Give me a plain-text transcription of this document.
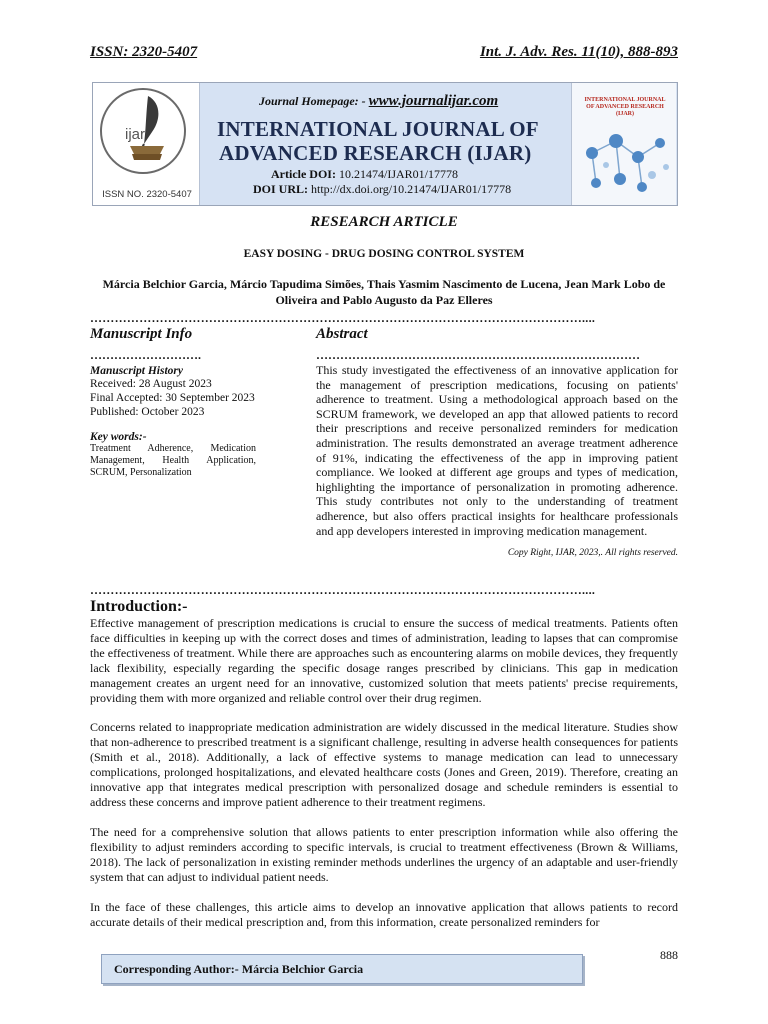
ISSN: 2320-5407	Int. J. Adv. Res. 11(10), 888-893
ijar
ISSN NO. 2320-5407
Journal Homepage: - www.journalijar.com
INTERNATIONAL JOURNAL OF
ADVANCED RESEARCH (IJAR)
Article DOI: 10.21474/IJAR01/17778
DOI URL: http://dx.doi.org/10.21474/IJAR01/17778
INTERNATIONAL JOURNAL OF ADVANCED RESEARCH (IJAR)
RESEARCH ARTICLE
EASY DOSING - DRUG DOSING CONTROL SYSTEM
Márcia Belchior Garcia, Márcio Tapudima Simões, Thais Yasmim Nascimento de Lucena, Jean Mark Lobo de Oliveira and Pablo Augusto da Paz Elleres
…………………………………………………………………………………………………………....
Manuscript Info
……………………….
Manuscript History
Received: 28 August 2023
Final Accepted: 30 September 2023
Published: October 2023
Key words:-
Treatment Adherence, Medication Management, Health Application, SCRUM, Personalization
Abstract
………………………………………………………………………
This study investigated the effectiveness of an innovative application for the management of prescription medications, focusing on patients' adherence to treatment. Using a methodological approach based on the SCRUM framework, we developed an app that allowed patients to record their prescriptions and receive personalized reminders for medication administration. The results demonstrated an average treatment adherence of 91%, indicating the effectiveness of the app in improving patient compliance. We looked at different age groups and types of medication, highlighting the importance of personalization in promoting adherence. This study contributes not only to the understanding of treatment adherence, but also offers practical insights for healthcare professionals and app developers interested in improving medication management.
Copy Right, IJAR, 2023,. All rights reserved.
…………………………………………………………………………………………………………....
Introduction:-
Effective management of prescription medications is crucial to ensure the success of medical treatments. Patients often face difficulties in keeping up with the correct doses and times of administration, leading to lapses that can compromise the effectiveness of treatment. While there are approaches such as encountering alarms on mobile devices, they frequently lack flexibility, especially regarding the specific dosage ranges prescribed by clinicians. This gap in medication management creates an urgent need for an innovative, customized solution that meets patients' precise requirements, providing them with more organized and reliable control over their drug regimen.
Concerns related to inappropriate medication administration are widely discussed in the medical literature. Studies show that non-adherence to prescribed treatment is a significant challenge, resulting in adverse health consequences for patients (Smith et al., 2018). Additionally, a lack of effective systems to manage medication can lead to unnecessary complications, prolonged hospitalizations, and elevated healthcare costs (Jones and Green, 2019). Therefore, creating an innovative app that integrates medical prescription with personalized dosage and schedule reminders is essential to address these concerns and improve patient adherence to their treatment regimens.
The need for a comprehensive solution that allows patients to enter prescription information while also offering the flexibility to adjust reminders according to specific intervals, is crucial to treatment effectiveness (Brown & Williams, 2018). The lack of personalization in existing reminder methods underlines the urgency of an adaptable and user-friendly system that can adjust to individual patient needs.
In the face of these challenges, this article aims to develop an innovative application that allows patients to record accurate details of their medical prescription and, from this information, create personalized reminders for
888
Corresponding Author:- Márcia Belchior Garcia
